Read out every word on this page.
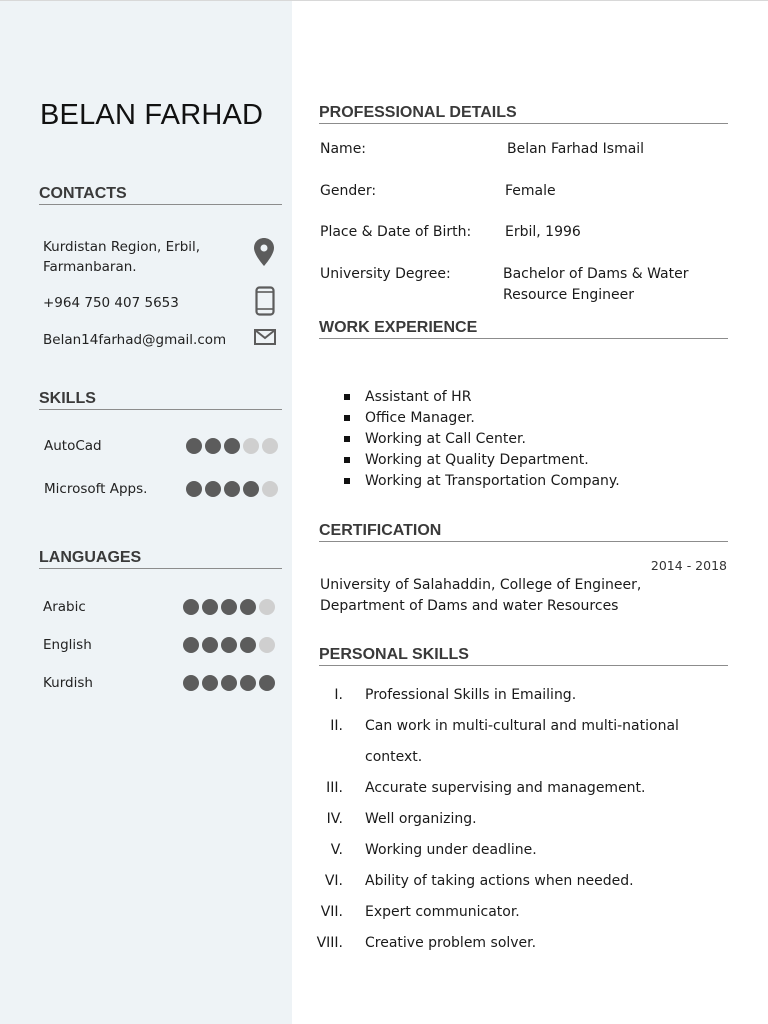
BELAN FARHAD
CONTACTS
Kurdistan Region, Erbil,
Farmanbaran.
+964 750 407 5653
Belan14farhad@gmail.com
SKILLS
AutoCad
Microsoft Apps.
LANGUAGES
Arabic
English
Kurdish
PROFESSIONAL DETAILS
Name:	Belan Farhad Ismail
Gender:	Female
Place & Date of Birth: Erbil, 1996
University Degree:	Bachelor of Dams & Water
Resource Engineer
WORK EXPERIENCE
Assistant of HR
Office Manager.
Working at Call Center.
Working at Quality Department.
Working at Transportation Company.
CERTIFICATION
2014 - 2018
University of Salahaddin, College of Engineer,
Department of Dams and water Resources
PERSONAL SKILLS
I.	Professional Skills in Emailing.
II.	Can work in multi-cultural and multi-national
context.
III.	Accurate supervising and management.
IV.	Well organizing.
V.	Working under deadline.
VI.	Ability of taking actions when needed.
VII.	Expert communicator.
VIII.	Creative problem solver.
